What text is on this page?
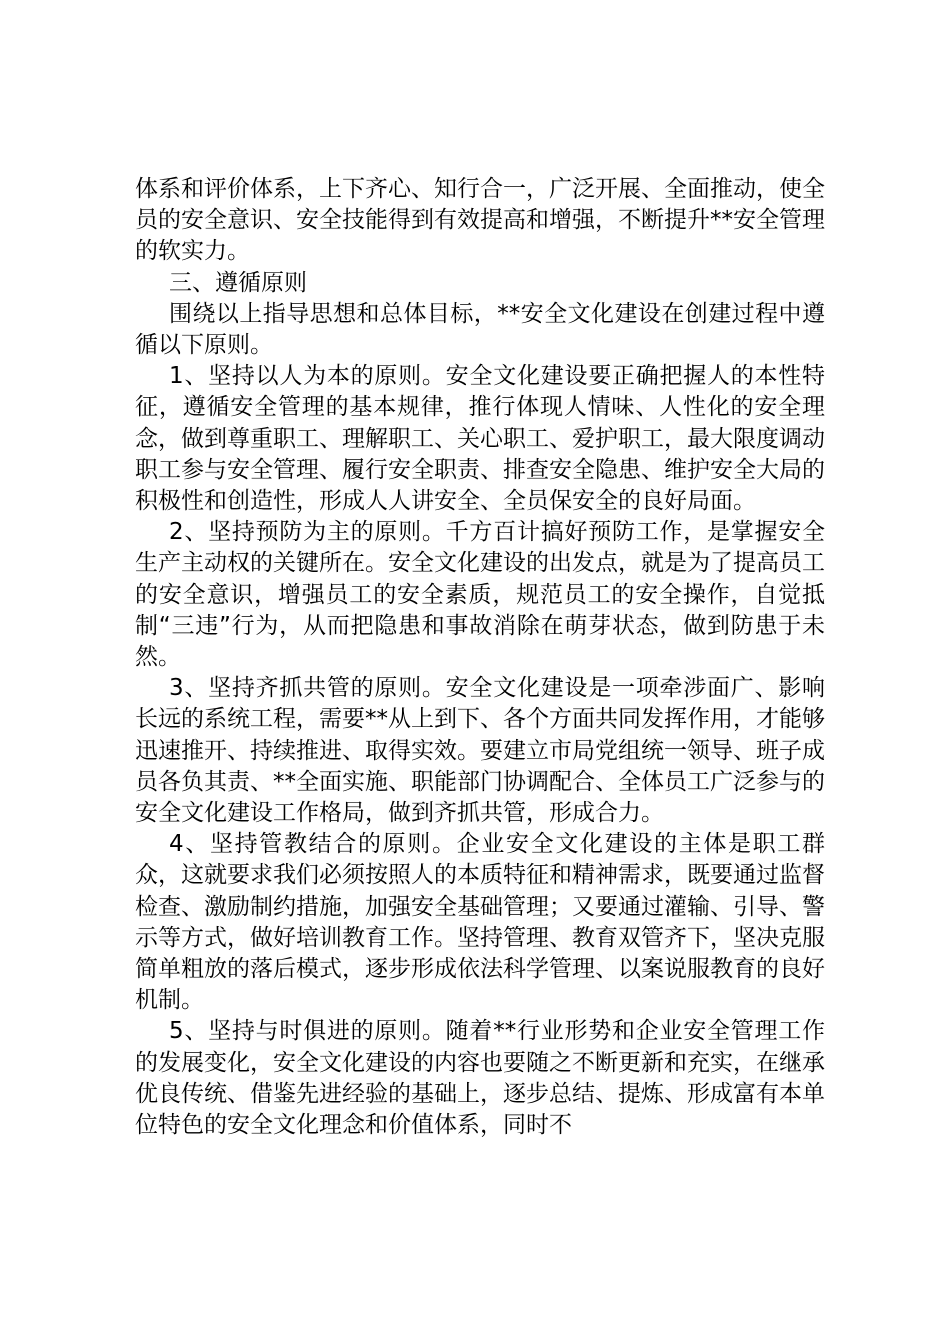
体系和评价体系，上下齐心、知行合一，广泛开展、全面推动，使全员的安全意识、安全技能得到有效提高和增强，不断提升**安全管理的软实力。

三、遵循原则

围绕以上指导思想和总体目标，**安全文化建设在创建过程中遵循以下原则。

1、坚持以人为本的原则。安全文化建设要正确把握人的本性特征，遵循安全管理的基本规律，推行体现人情味、人性化的安全理念，做到尊重职工、理解职工、关心职工、爱护职工，最大限度调动职工参与安全管理、履行安全职责、排查安全隐患、维护安全大局的积极性和创造性，形成人人讲安全、全员保安全的良好局面。

2、坚持预防为主的原则。千方百计搞好预防工作，是掌握安全生产主动权的关键所在。安全文化建设的出发点，就是为了提高员工的安全意识，增强员工的安全素质，规范员工的安全操作，自觉抵制“三违”行为，从而把隐患和事故消除在萌芽状态，做到防患于未然。

3、坚持齐抓共管的原则。安全文化建设是一项牵涉面广、影响长远的系统工程，需要**从上到下、各个方面共同发挥作用，才能够迅速推开、持续推进、取得实效。要建立市局党组统一领导、班子成员各负其责、**全面实施、职能部门协调配合、全体员工广泛参与的安全文化建设工作格局，做到齐抓共管，形成合力。

4、坚持管教结合的原则。企业安全文化建设的主体是职工群众，这就要求我们必须按照人的本质特征和精神需求，既要通过监督检查、激励制约措施，加强安全基础管理；又要通过灌输、引导、警示等方式，做好培训教育工作。坚持管理、教育双管齐下，坚决克服简单粗放的落后模式，逐步形成依法科学管理、以案说服教育的良好机制。

5、坚持与时俱进的原则。随着**行业形势和企业安全管理工作的发展变化，安全文化建设的内容也要随之不断更新和充实，在继承优良传统、借鉴先进经验的基础上，逐步总结、提炼、形成富有本单位特色的安全文化理念和价值体系，同时不
